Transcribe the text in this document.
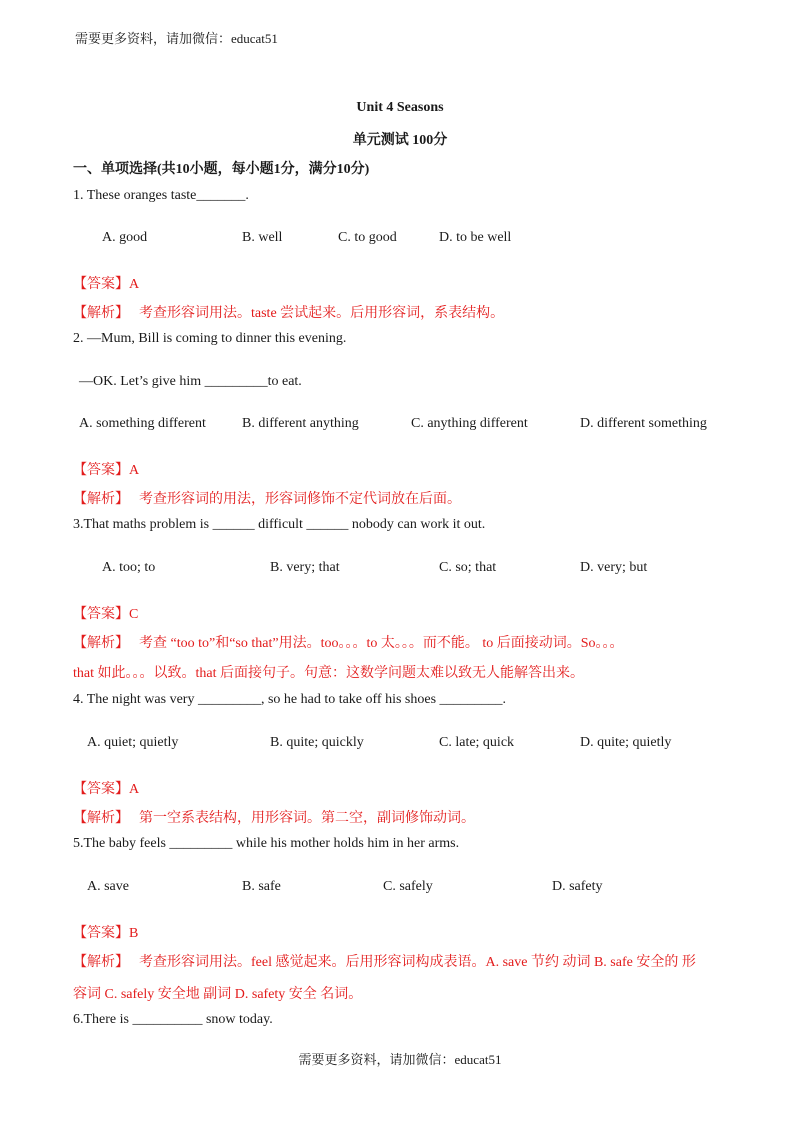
需要更多资料，请加微信：educat51
Unit 4 Seasons
单元测试 100分
一、单项选择(共10小题，每小题1分，满分10分)
1. These oranges taste_______.
A. good	B. well	C. to good	D. to be well
【答案】A
【解析】 考查形容词用法。taste 尝试起来。后用形容词，系表结构。
2. —Mum, Bill is coming to dinner this evening.
—OK. Let’s give him _________to eat.
A. something different	B. different anything	C. anything different	D. different something
【答案】A
【解析】 考查形容词的用法，形容词修饰不定代词放在后面。
3.That maths problem is ______ difficult ______ nobody can work it out.
A. too; to	B. very; that	C. so; that	D. very; but
【答案】C
【解析】 考查 “too to”和“so that”用法。too。。。to 太。。。而不能。 to 后面接动词。So。。。
that 如此。。。以致。that 后面接句子。句意：这数学问题太难以致无人能解答出来。
4. The night was very _________, so he had to take off his shoes _________.
A. quiet; quietly	B. quite; quickly	C. late; quick	D. quite; quietly
【答案】A
【解析】 第一空系表结构，用形容词。第二空，副词修饰动词。
5.The baby feels _________ while his mother holds him in her arms.
A. save	B. safe	C. safely	D. safety
【答案】B
【解析】 考查形容词用法。feel 感觉起来。后用形容词构成表语。A. save 节约 动词 B. safe 安全的 形
容词 C. safely 安全地 副词 D. safety 安全 名词。
6.There is __________ snow today.
需要更多资料，请加微信：educat51
